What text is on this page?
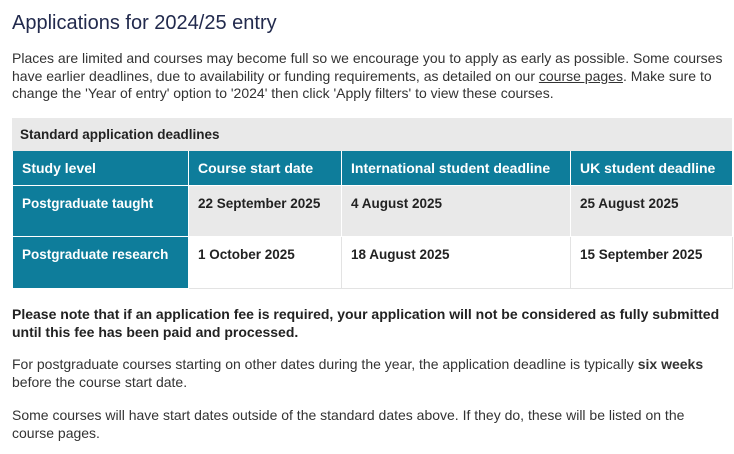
Applications for 2024/25 entry

Places are limited and courses may become full so we encourage you to apply as early as possible. Some courses have earlier deadlines, due to availability or funding requirements, as detailed on our course pages. Make sure to change the 'Year of entry' option to '2024' then click 'Apply filters' to view these courses.

Standard application deadlines
Study level	Course start date	International student deadline	UK student deadline
Postgraduate taught	22 September 2025	4 August 2025	25 August 2025
Postgraduate research	1 October 2025	18 August 2025	15 September 2025

Please note that if an application fee is required, your application will not be considered as fully submitted until this fee has been paid and processed.

For postgraduate courses starting on other dates during the year, the application deadline is typically six weeks before the course start date.

Some courses will have start dates outside of the standard dates above. If they do, these will be listed on the course pages.
